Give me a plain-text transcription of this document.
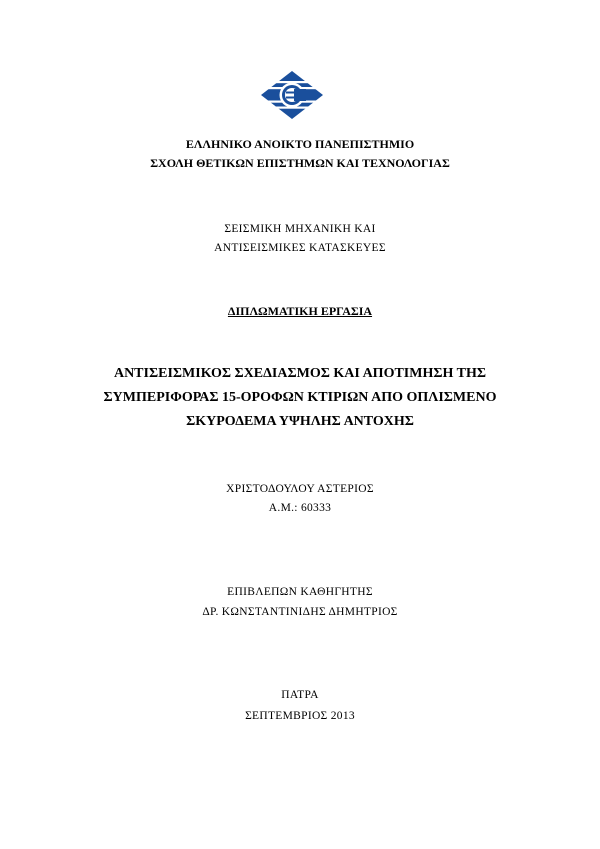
ΕΛΛΗΝΙΚΟ ΑΝΟΙΚΤΟ ΠΑΝΕΠΙΣΤΗΜΙΟ
ΣΧΟΛΗ ΘΕΤΙΚΩΝ ΕΠΙΣΤΗΜΩΝ ΚΑΙ ΤΕΧΝΟΛΟΓΙΑΣ
ΣΕΙΣΜΙΚΗ ΜΗΧΑΝΙΚΗ ΚΑΙ
ΑΝΤΙΣΕΙΣΜΙΚΕΣ ΚΑΤΑΣΚΕΥΕΣ
ΔΙΠΛΩΜΑΤΙΚΗ ΕΡΓΑΣΙΑ
ΑΝΤΙΣΕΙΣΜΙΚΟΣ ΣΧΕΔΙΑΣΜΟΣ ΚΑΙ ΑΠΟΤΙΜΗΣΗ ΤΗΣ
ΣΥΜΠΕΡΙΦΟΡΑΣ 15-ΟΡΟΦΩΝ ΚΤΙΡΙΩΝ ΑΠΟ ΟΠΛΙΣΜΕΝΟ
ΣΚΥΡΟΔΕΜΑ ΥΨΗΛΗΣ ΑΝΤΟΧΗΣ
ΧΡΙΣΤΟΔΟΥΛΟΥ ΑΣΤΕΡΙΟΣ
Α.Μ.: 60333
ΕΠΙΒΛΕΠΩΝ ΚΑΘΗΓΗΤΗΣ
ΔΡ. ΚΩΝΣΤΑΝΤΙΝΙΔΗΣ ΔΗΜΗΤΡΙΟΣ
ΠΑΤΡΑ
ΣΕΠΤΕΜΒΡΙΟΣ 2013
